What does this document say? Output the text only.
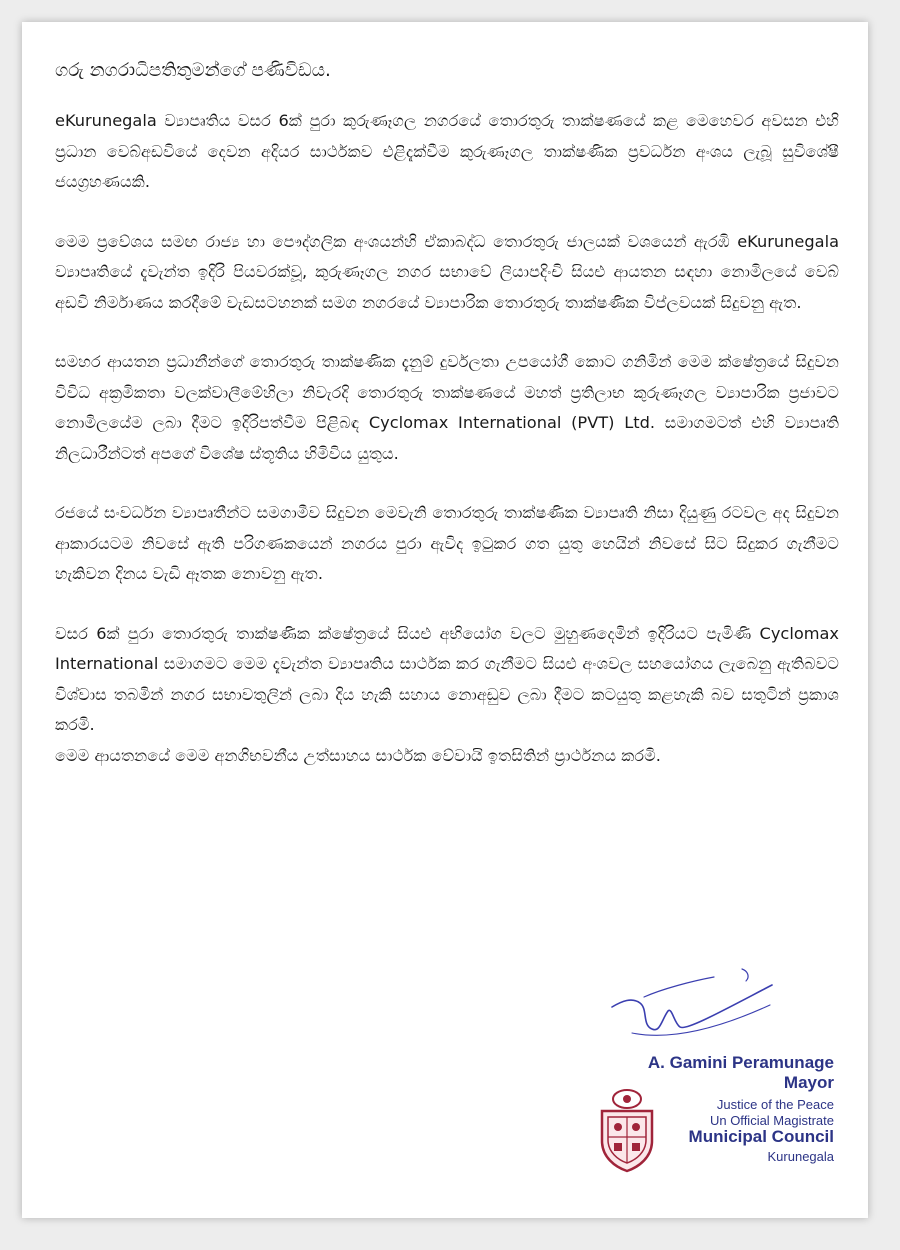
ගරු නගරාධිපතිතුමන්ගේ පණිවිඩය.

eKurunegala ව්‍යාපෘතිය වසර 6ක් පුරා කුරුණෑගල නගරයේ තොරතුරු තාක්ෂණයේ කළ මෙහෙවර අවසන එහි ප්‍රධාන වෙබ්අඩවියේ දෙවන අදියර සාර්ථකව එළිදැක්වීම කුරුණෑගල තාක්ෂණික ප්‍රවර්ධන අංශය ලැබූ සුවිශේෂී ජයග්‍රහණයකි.

මෙම ප්‍රවේශය සමඟ රාජ්‍ය හා පෞද්ගලික අංශයන්හි ඒකාබද්ධ තොරතුරු ජාලයක් වශයෙන් ඇරඹි eKurunegala ව්‍යාපෘතියේ දැවැන්ත ඉදිරි පියවරක්වූ, කුරුණෑගල නගර සභාවේ ලියාපදිංචි සියළු ආයතන සඳහා නොමිලයේ වෙබ් අඩවි නිර්මාණය කරදීමේ වැඩසටහනක් සමග නගරයේ ව්‍යාපාරික තොරතුරු තාක්ෂණික විප්ලවයක් සිදුවනු ඇත.

සමහර ආයතන ප්‍රධානීන්ගේ තොරතුරු තාක්ෂණික දැනුම් දුර්වලතා උපයෝගී කොට ගනිමින් මෙම ක්ෂේත්‍රයේ සිදුවන විවිධ අක්‍රමිකතා වලක්වාලීමේහිලා නිවැරදි තොරතුරු තාක්ෂණයේ මහත් ප්‍රතිලාභ කුරුණෑගල ව්‍යාපාරික ප්‍රජාවට නොමිලයේම ලබා දීමට ඉදිරිපත්වීම පිළිබඳ Cyclomax International (PVT) Ltd. සමාගමටත් එහි ව්‍යාපෘති නිලධාරීන්ටත් අපගේ විශේෂ ස්තූතිය හිමිවිය යුතුය.

රජයේ සංවර්ධන ව්‍යාපෘතීන්ට සමගාමීව සිදුවන මෙවැනි තොරතුරු තාක්ෂණික ව්‍යාපෘති නිසා දියුණු රටවල අද සිදුවන ආකාරයටම නිවසේ ඇති පරිගණකයෙන් නගරය පුරා ඇවිද ඉටුකර ගත යුතු හෙයින් නිවසේ සිට සිදුකර ගැනීමට හැකිවන දිනය වැඩි ඈතක නොවනු ඇත.

වසර 6ක් පුරා තොරතුරු තාක්ෂණික ක්ෂේත්‍රයේ සියළු අභියෝග වලට මුහුණදෙමින් ඉදිරියට පැමිණි Cyclomax International සමාගමට මෙම දැවැන්ත ව්‍යාපෘතිය සාර්ථක කර ගැනීමට සියළු අංශවල සහයෝගය ලැබෙනු ඇතිබවට විශ්වාස තබමින් නගර සභාවතුලින් ලබා දිය හැකි සහාය නොඅඩුව ලබා දීමට කටයුතු කළහැකි බව සතුටින් ප්‍රකාශ කරමි.

මෙම ආයතනයේ මෙම අනගිභවනීය උත්සාහය සාර්ථක වේවායි ඉතසිතින් ප්‍රාර්ථනය කරමි.

A. Gamini Peramunage
Mayor
Justice of the Peace
Un Official Magistrate
Municipal Council
Kurunegala
